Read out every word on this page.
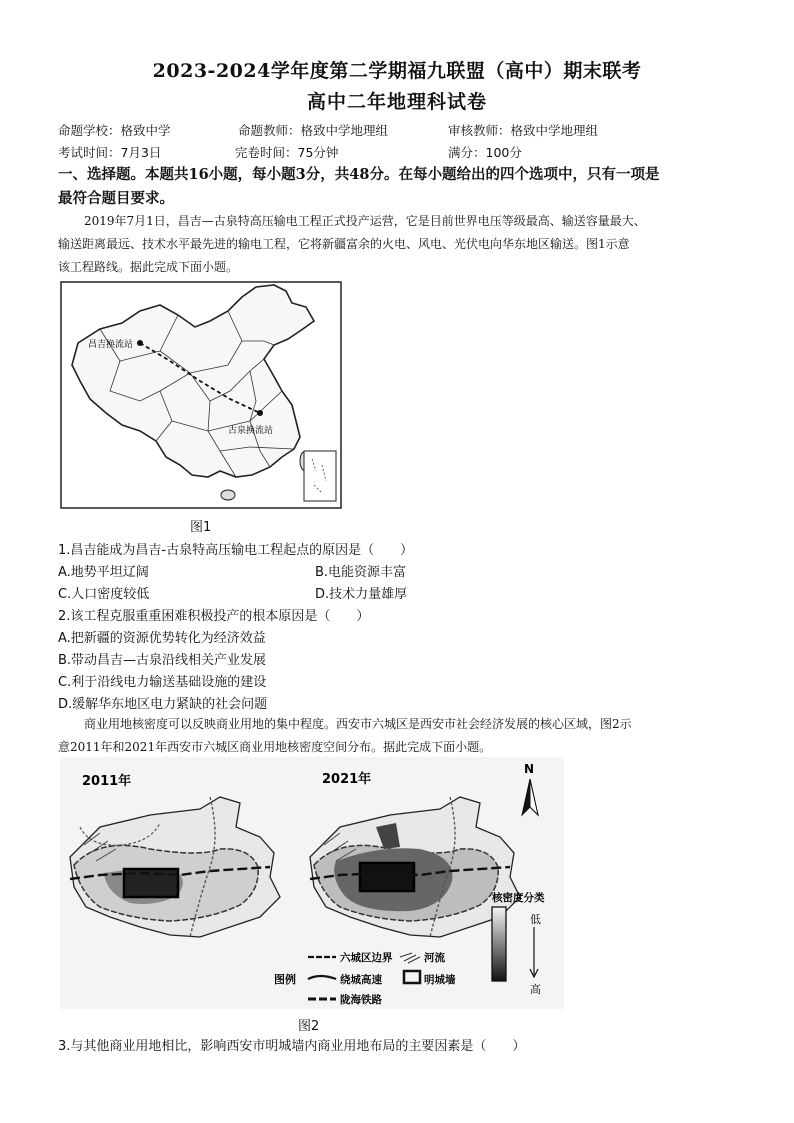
2023-2024学年度第二学期福九联盟（高中）期末联考
高中二年地理科试卷
命题学校：格致中学	命题教师：格致中学地理组	审核教师：格致中学地理组
考试时间：7月3日	完卷时间：75分钟	满分：100分
一、选择题。本题共16小题，每小题3分，共48分。在每小题给出的四个选项中，只有一项是
最符合题目要求。
2019年7月1日，昌吉—古泉特高压输电工程正式投产运营，它是目前世界电压等级最高、输送容量最大、
输送距离最远、技术水平最先进的输电工程，它将新疆富余的火电、风电、光伏电向华东地区输送。图1示意
该工程路线。据此完成下面小题。
昌吉换流站
古泉换流站
图1
1.昌吉能成为昌吉-古泉特高压输电工程起点的原因是（　　）
A.地势平坦辽阔	B.电能资源丰富
C.人口密度较低	D.技术力量雄厚
2.该工程克服重重困难积极投产的根本原因是（　　）
A.把新疆的资源优势转化为经济效益
B.带动昌吉—古泉沿线相关产业发展
C.利于沿线电力输送基础设施的建设
D.缓解华东地区电力紧缺的社会问题
商业用地核密度可以反映商业用地的集中程度。西安市六城区是西安市社会经济发展的核心区域，图2示
意2011年和2021年西安市六城区商业用地核密度空间分布。据此完成下面小题。
2011年	2021年
N
核密度分类
低
高
图例
六城区边界	河流
绕城高速	明城墙
陇海铁路
图2
3.与其他商业用地相比，影响西安市明城墙内商业用地布局的主要因素是（　　）
